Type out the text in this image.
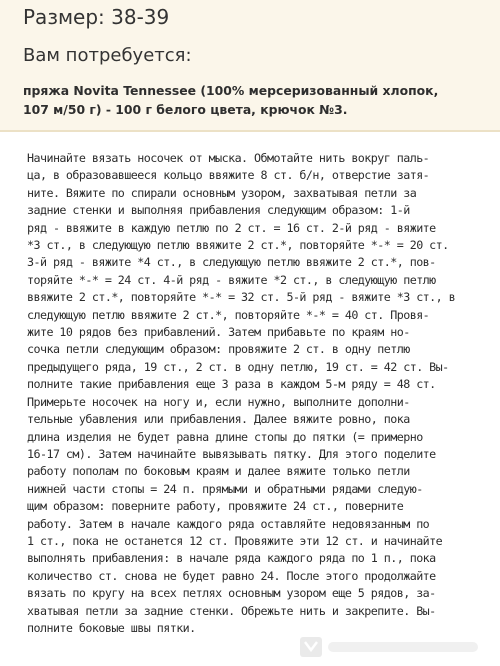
Размер: 38-39
Вам потребуется:

пряжа Novita Tennessee (100% мерсеризованный хлопок,
107 м/50 г) - 100 г белого цвета, крючок №3.

Начинайте вязать носочек от мыска. Обмотайте нить вокруг паль-
ца, в образовавшееся кольцо ввяжите 8 ст. б/н, отверстие затя-
ните. Вяжите по спирали основным узором, захватывая петли за
задние стенки и выполняя прибавления следующим образом: 1-й
ряд - ввяжите в каждую петлю по 2 ст. = 16 ст. 2-й ряд - вяжите
*3 ст., в следующую петлю ввяжите 2 ст.*, повторяйте *-* = 20 ст.
3-й ряд - вяжите *4 ст., в следующую петлю ввяжите 2 ст.*, пов-
торяйте *-* = 24 ст. 4-й ряд - вяжите *2 ст., в следующую петлю
ввяжите 2 ст.*, повторяйте *-* = 32 ст. 5-й ряд - вяжите *3 ст., в
следующую петлю ввяжите 2 ст.*, повторяйте *-* = 40 ст. Провя-
жите 10 рядов без прибавлений. Затем прибавьте по краям но-
сочка петли следующим образом: провяжите 2 ст. в одну петлю
предыдущего ряда, 19 ст., 2 ст. в одну петлю, 19 ст. = 42 ст. Вы-
полните такие прибавления еще 3 раза в каждом 5-м ряду = 48 ст.
Примерьте носочек на ногу и, если нужно, выполните дополни-
тельные убавления или прибавления. Далее вяжите ровно, пока
длина изделия не будет равна длине стопы до пятки (= примерно
16-17 см). Затем начинайте вывязывать пятку. Для этого поделите
работу пополам по боковым краям и далее вяжите только петли
нижней части стопы = 24 п. прямыми и обратными рядами следую-
щим образом: поверните работу, провяжите 24 ст., поверните
работу. Затем в начале каждого ряда оставляйте недовязанным по
1 ст., пока не останется 12 ст. Провяжите эти 12 ст. и начинайте
выполнять прибавления: в начале ряда каждого ряда по 1 п., пока
количество ст. снова не будет равно 24. После этого продолжайте
вязать по кругу на всех петлях основным узором еще 5 рядов, за-
хватывая петли за задние стенки. Обрежьте нить и закрепите. Вы-
полните боковые швы пятки.
